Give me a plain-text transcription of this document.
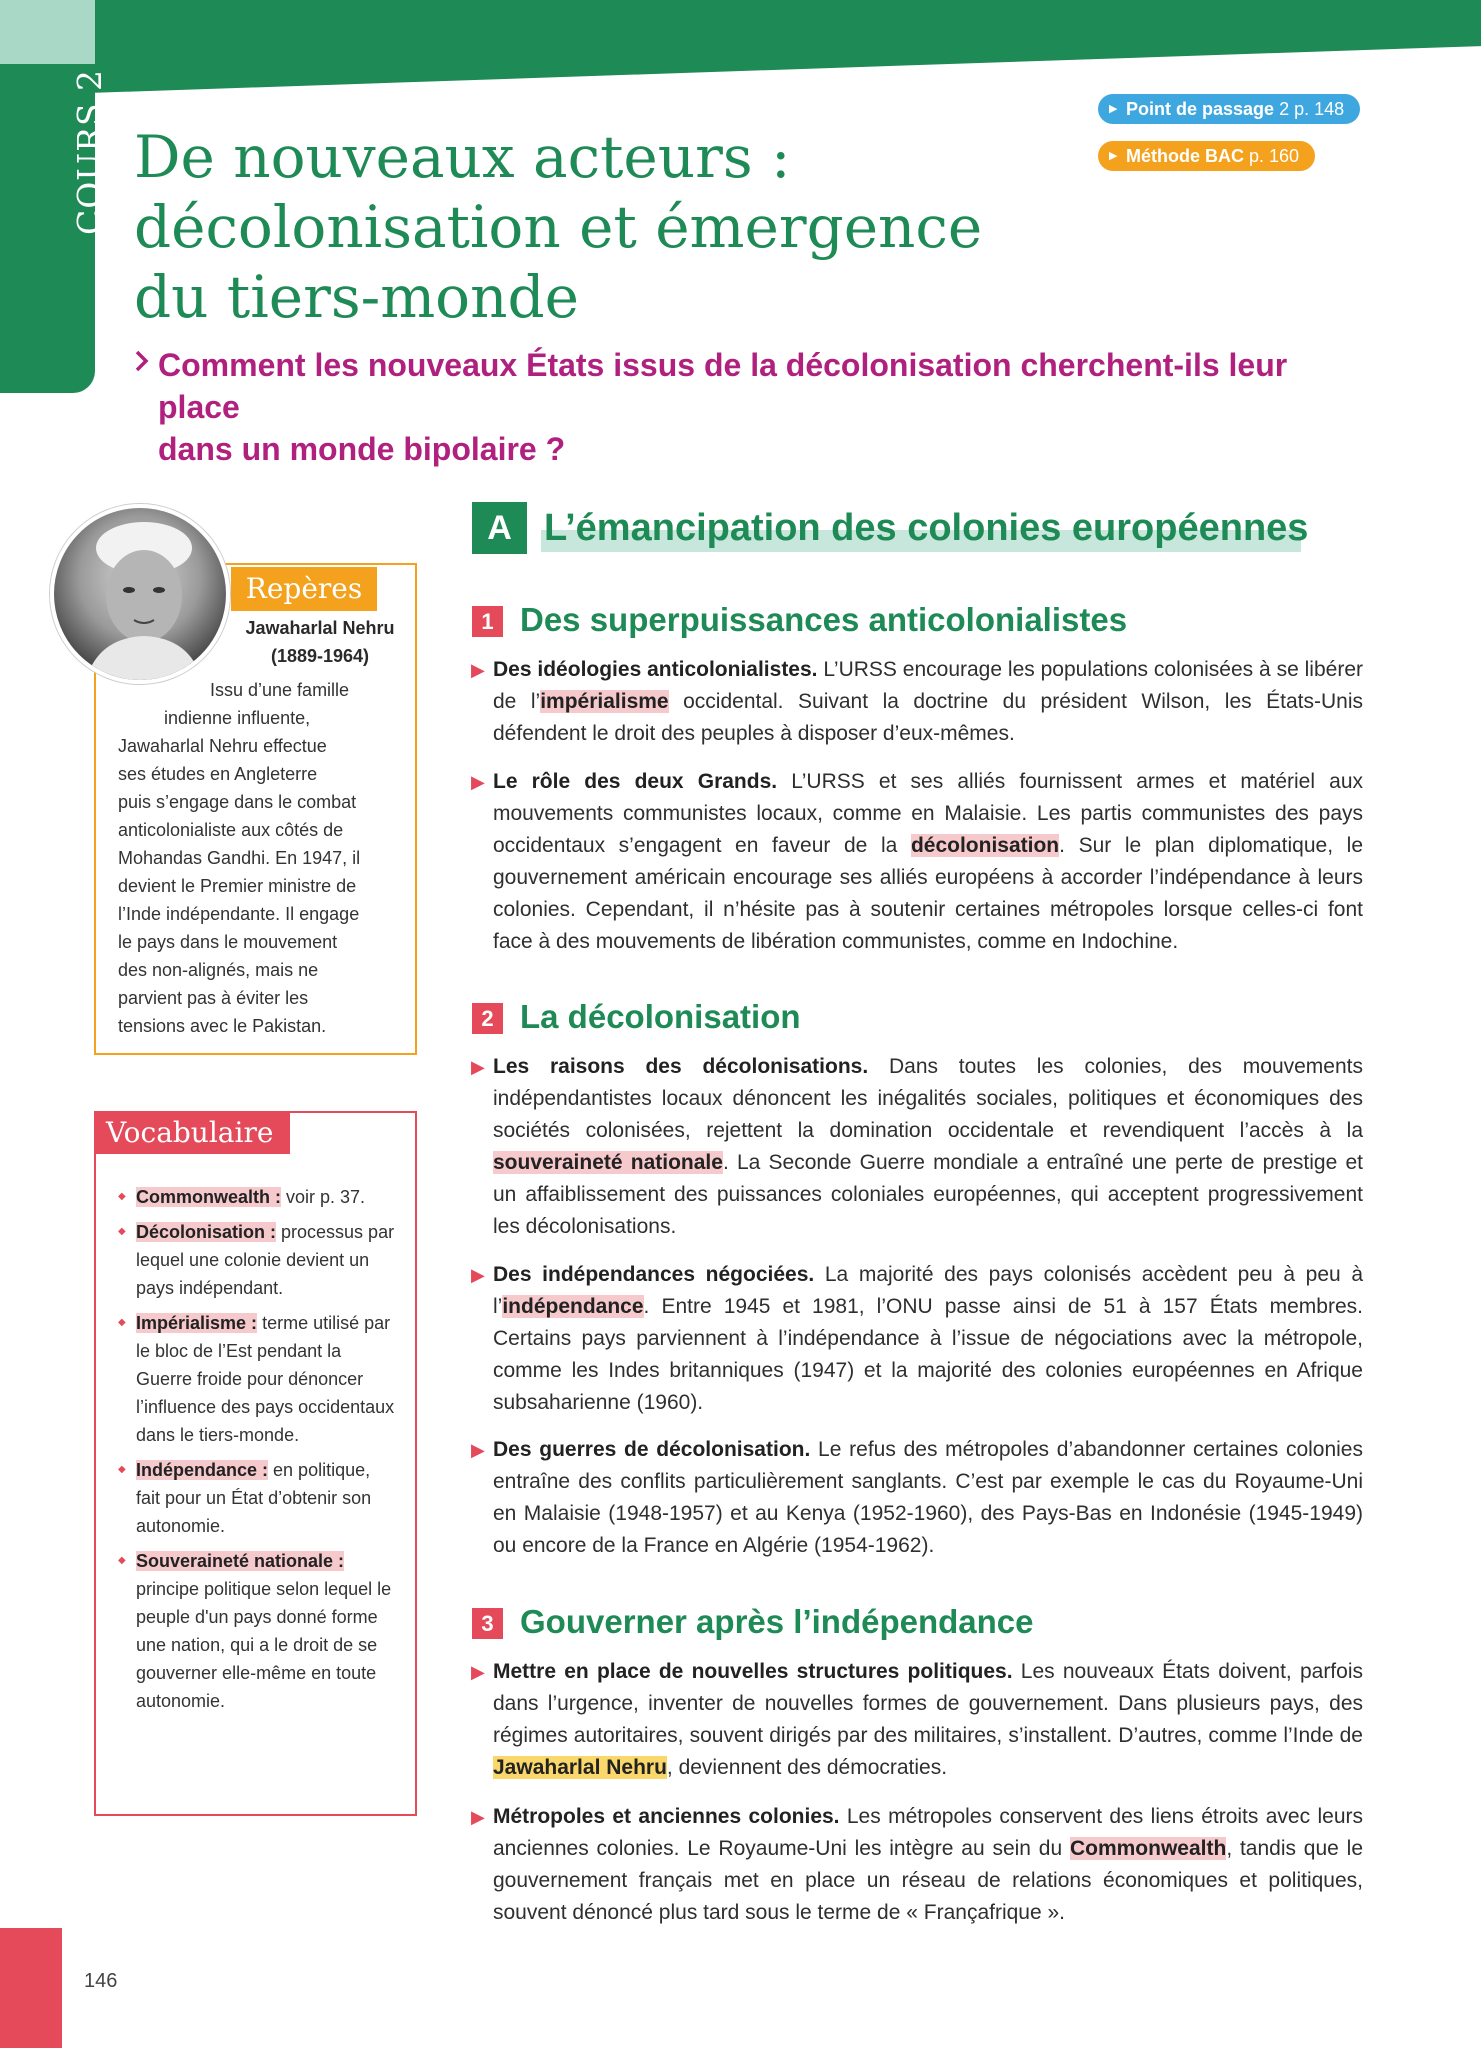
COURS 2 De nouveaux acteurs :
décolonisation et émergence
du tiers-monde
▶ Point de passage 2 p. 148
▶ Méthode BAC p. 160
Comment les nouveaux États issus de la décolonisation cherchent-ils leur place
dans un monde bipolaire ?
Repères
Jawaharlal Nehru
(1889-1964)
Issu d’une famille
indienne influente,
Jawaharlal Nehru effectue
ses études en Angleterre
puis s’engage dans le combat
anticolonialiste aux côtés de
Mohandas Gandhi. En 1947, il
devient le Premier ministre de
l’Inde indépendante. Il engage
le pays dans le mouvement
des non-alignés, mais ne
parvient pas à éviter les
tensions avec le Pakistan.
Vocabulaire
◆ Commonwealth : voir p. 37.
◆ Décolonisation : processus par lequel une colonie devient un pays indépendant.
◆ Impérialisme : terme utilisé par le bloc de l’Est pendant la Guerre froide pour dénoncer l’influence des pays occidentaux dans le tiers-monde.
◆ Indépendance : en politique, fait pour un État d’obtenir son autonomie.
◆ Souveraineté nationale : principe politique selon lequel le peuple d'un pays donné forme une nation, qui a le droit de se gouverner elle-même en toute autonomie.
A L’émancipation des colonies européennes
1 Des superpuissances anticolonialistes
▶ Des idéologies anticolonialistes. L’URSS encourage les populations colonisées à se libérer de l’impérialisme occidental. Suivant la doctrine du président Wilson, les États-Unis défendent le droit des peuples à disposer d’eux-mêmes.
▶ Le rôle des deux Grands. L’URSS et ses alliés fournissent armes et matériel aux mouvements communistes locaux, comme en Malaisie. Les partis communistes des pays occidentaux s’engagent en faveur de la décolonisation. Sur le plan diplomatique, le gouvernement américain encourage ses alliés européens à accorder l’indépendance à leurs colonies. Cependant, il n’hésite pas à soutenir certaines métropoles lorsque celles-ci font face à des mouvements de libération communistes, comme en Indochine.
2 La décolonisation
▶ Les raisons des décolonisations. Dans toutes les colonies, des mouvements indépendantistes locaux dénoncent les inégalités sociales, politiques et économiques des sociétés colonisées, rejettent la domination occidentale et revendiquent l’accès à la souveraineté nationale. La Seconde Guerre mondiale a entraîné une perte de prestige et un affaiblissement des puissances coloniales européennes, qui acceptent progressivement les décolonisations.
▶ Des indépendances négociées. La majorité des pays colonisés accèdent peu à peu à l’indépendance. Entre 1945 et 1981, l’ONU passe ainsi de 51 à 157 États membres. Certains pays parviennent à l’indépendance à l’issue de négociations avec la métropole, comme les Indes britanniques (1947) et la majorité des colonies européennes en Afrique subsaharienne (1960).
▶ Des guerres de décolonisation. Le refus des métropoles d’abandonner certaines colonies entraîne des conflits particulièrement sanglants. C’est par exemple le cas du Royaume-Uni en Malaisie (1948-1957) et au Kenya (1952-1960), des Pays-Bas en Indonésie (1945-1949) ou encore de la France en Algérie (1954-1962).
3 Gouverner après l’indépendance
▶ Mettre en place de nouvelles structures politiques. Les nouveaux États doivent, parfois dans l’urgence, inventer de nouvelles formes de gouvernement. Dans plusieurs pays, des régimes autoritaires, souvent dirigés par des militaires, s’installent. D’autres, comme l’Inde de Jawaharlal Nehru, deviennent des démocraties.
▶ Métropoles et anciennes colonies. Les métropoles conservent des liens étroits avec leurs anciennes colonies. Le Royaume-Uni les intègre au sein du Commonwealth, tandis que le gouvernement français met en place un réseau de relations économiques et politiques, souvent dénoncé plus tard sous le terme de « Françafrique ».
146
